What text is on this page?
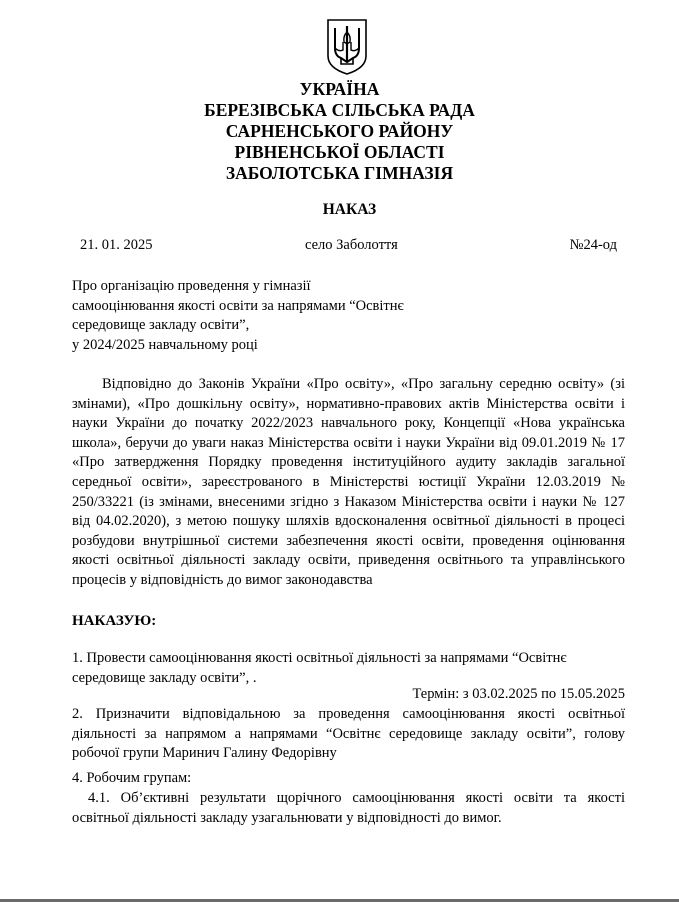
УКРАЇНА
БЕРЕЗІВСЬКА СІЛЬСЬКА РАДА
САРНЕНСЬКОГО РАЙОНУ
РІВНЕНСЬКОЇ ОБЛАСТІ
ЗАБОЛОТСЬКА ГІМНАЗІЯ
НАКАЗ
21. 01. 2025	село Заболоття	№24-од
Про організацію проведення у гімназії
самооцінювання якості освіти за напрямами “Освітнє
середовище закладу освіти”,
у 2024/2025 навчальному році
Відповідно до Законів України «Про освіту», «Про загальну середню освіту» (зі змінами), «Про дошкільну освіту», нормативно-правових актів Міністерства освіти і науки України до початку 2022/2023 навчального року, Концепції «Нова українська школа», беручи до уваги наказ Міністерства освіти і науки України від 09.01.2019 № 17 «Про затвердження Порядку проведення інституційного аудиту закладів загальної середньої освіти», зареєстрованого в Міністерстві юстиції України 12.03.2019 № 250/33221 (із змінами, внесеними згідно з Наказом Міністерства освіти і науки № 127 від 04.02.2020), з метою пошуку шляхів вдосконалення освітньої діяльності в процесі розбудови внутрішньої системи забезпечення якості освіти, проведення оцінювання якості освітньої діяльності закладу освіти, приведення освітнього та управлінського процесів у відповідність до вимог законодавства
НАКАЗУЮ:
1. Провести самооцінювання якості освітньої діяльності за напрямами “Освітнє середовище закладу освіти”, .
Термін: з 03.02.2025 по 15.05.2025
2. Призначити відповідальною за проведення самооцінювання якості освітньої діяльності за напрямом а напрямами “Освітнє середовище закладу освіти”, голову робочої групи Маринич Галину Федорівну
4. Робочим групам:
4.1. Об’єктивні результати щорічного самооцінювання якості освіти та якості освітньої діяльності закладу узагальнювати у відповідності до вимог.
